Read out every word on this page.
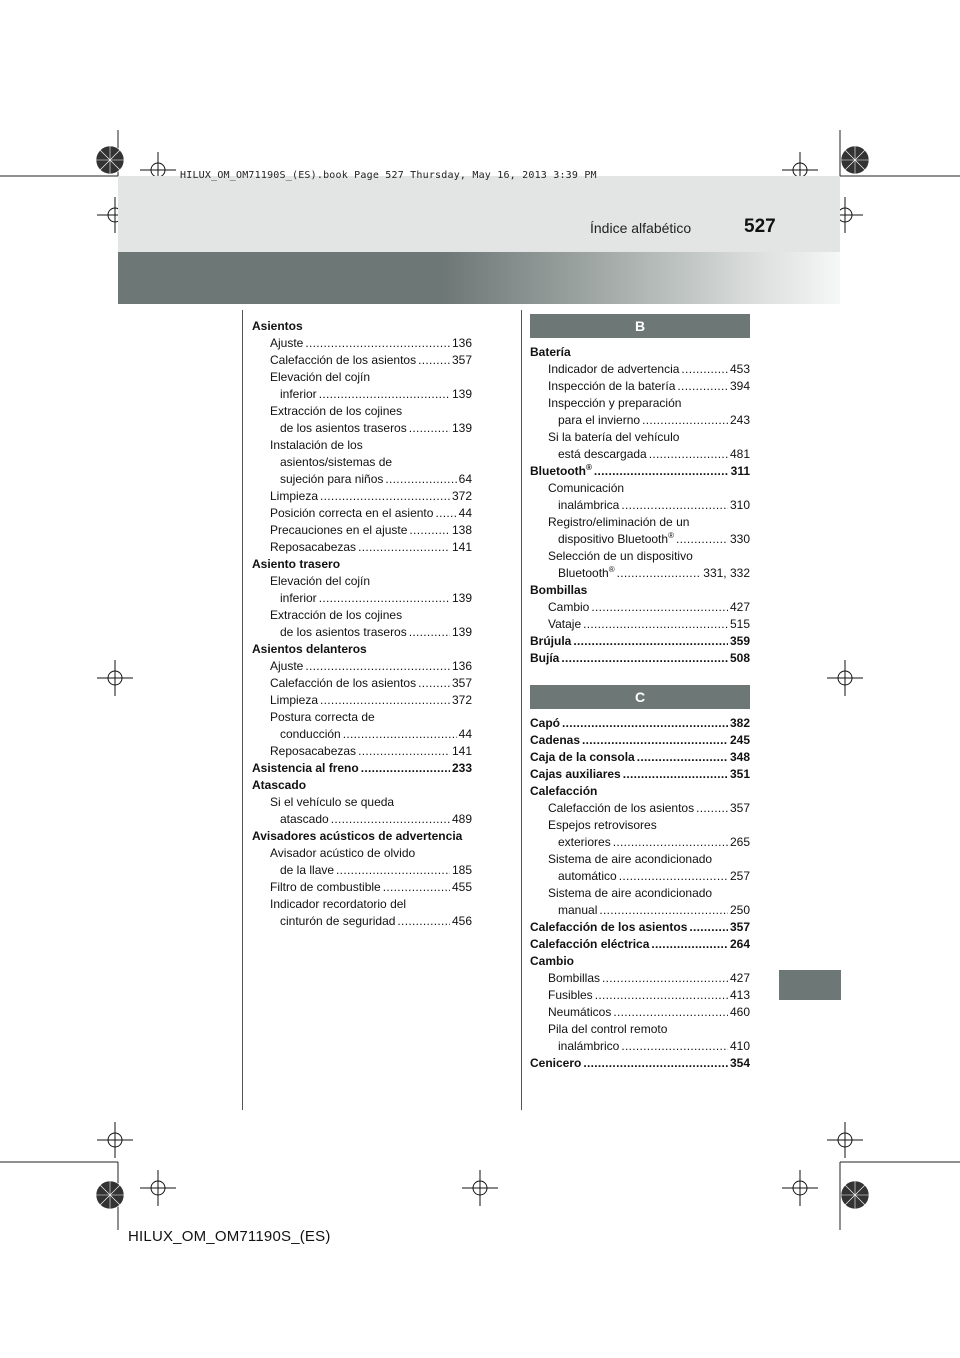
HILUX_OM_OM71190S_(ES).book Page 527 Thursday, May 16, 2013 3:39 PM
Índice alfabético	527
Asientos
Ajuste .....	136
Calefacción de los asientos .....	357
Elevación del cojín
inferior .....	139
Extracción de los cojines
de los asientos traseros .....	139
Instalación de los
asientos/sistemas de
sujeción para niños .....	64
Limpieza .....	372
Posición correcta en el asiento ..... 44
Precauciones en el ajuste .....	138
Reposacabezas .....	141
Asiento trasero
Elevación del cojín
inferior .....	139
Extracción de los cojines
de los asientos traseros .....	139
Asientos delanteros
Ajuste .....	136
Calefacción de los asientos .....	357
Limpieza .....	372
Postura correcta de
conducción .....	44
Reposacabezas .....	141
Asistencia al freno .....	233
Atascado
Si el vehículo se queda
atascado .....	489
Avisadores acústicos de advertencia
Avisador acústico de olvido
de la llave .....	185
Filtro de combustible .....	455
Indicador recordatorio del
cinturón de seguridad .....	456
B
Batería
Indicador de advertencia .....	453
Inspección de la batería .....	394
Inspección y preparación
para el invierno .....	243
Si la batería del vehículo
está descargada .....	481
Bluetooth® .....	311
Comunicación
inalámbrica .....	310
Registro/eliminación de un
dispositivo Bluetooth® .....	330
Selección de un dispositivo
Bluetooth® .....	331, 332
Bombillas
Cambio .....	427
Vataje .....	515
Brújula .....	359
Bujía .....	508
C
Capó .....	382
Cadenas .....	245
Caja de la consola .....	348
Cajas auxiliares .....	351
Calefacción
Calefacción de los asientos .....	357
Espejos retrovisores
exteriores .....	265
Sistema de aire acondicionado
automático .....	257
Sistema de aire acondicionado
manual .....	250
Calefacción de los asientos .....	357
Calefacción eléctrica .....	264
Cambio
Bombillas .....	427
Fusibles .....	413
Neumáticos .....	460
Pila del control remoto
inalámbrico .....	410
Cenicero .....	354
HILUX_OM_OM71190S_(ES)
